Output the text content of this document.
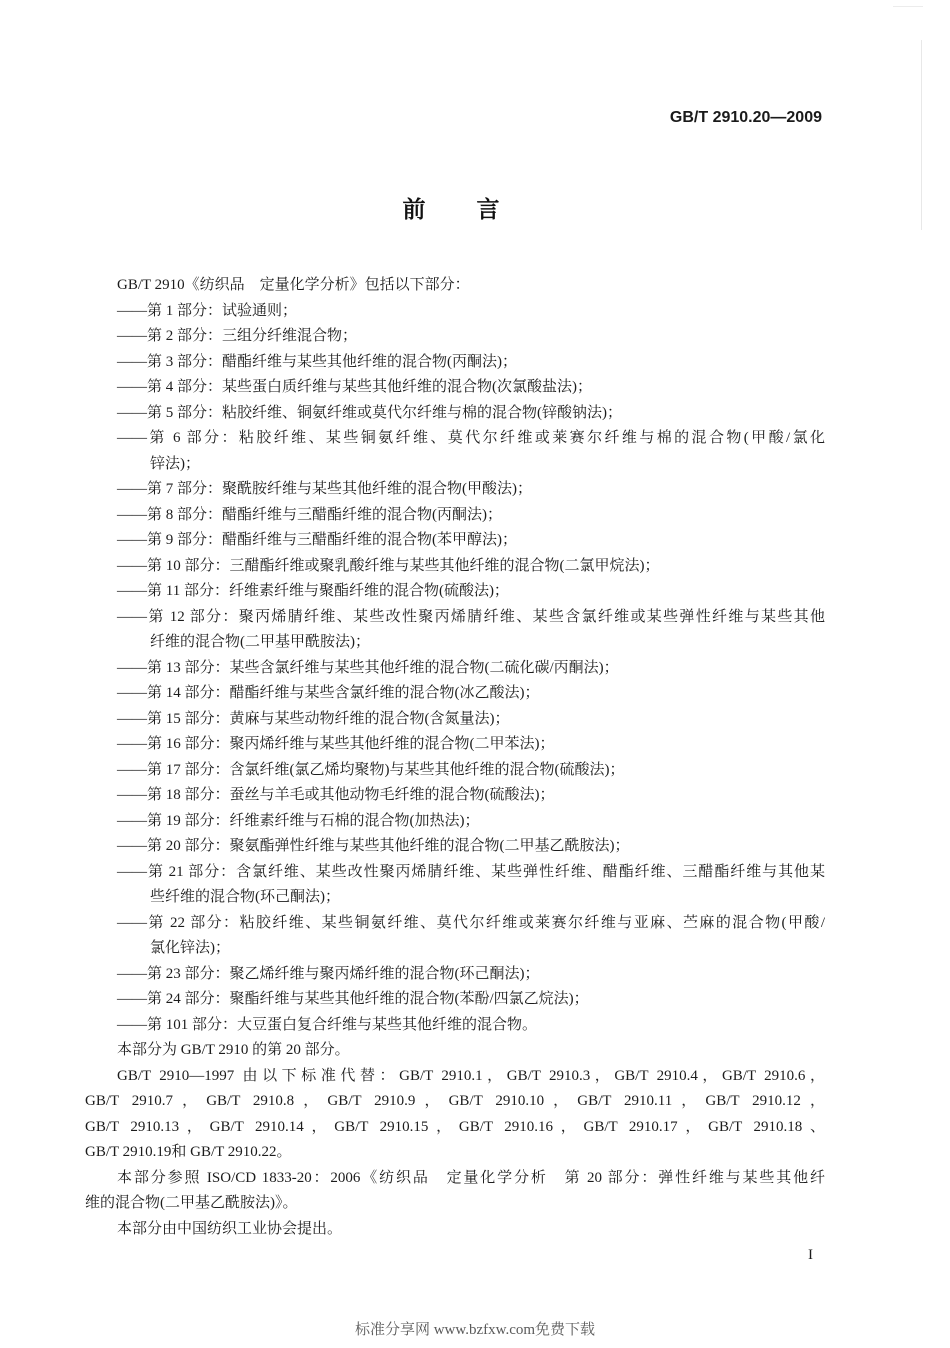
GB/T 2910.20—2009
前　言
GB/T 2910《纺织品　定量化学分析》包括以下部分：
——第 1 部分：试验通则；
——第 2 部分：三组分纤维混合物；
——第 3 部分：醋酯纤维与某些其他纤维的混合物(丙酮法)；
——第 4 部分：某些蛋白质纤维与某些其他纤维的混合物(次氯酸盐法)；
——第 5 部分：粘胶纤维、铜氨纤维或莫代尔纤维与棉的混合物(锌酸钠法)；
——第 6 部分：粘胶纤维、某些铜氨纤维、莫代尔纤维或莱赛尔纤维与棉的混合物(甲酸/氯化
锌法)；
——第 7 部分：聚酰胺纤维与某些其他纤维的混合物(甲酸法)；
——第 8 部分：醋酯纤维与三醋酯纤维的混合物(丙酮法)；
——第 9 部分：醋酯纤维与三醋酯纤维的混合物(苯甲醇法)；
——第 10 部分：三醋酯纤维或聚乳酸纤维与某些其他纤维的混合物(二氯甲烷法)；
——第 11 部分：纤维素纤维与聚酯纤维的混合物(硫酸法)；
——第 12 部分：聚丙烯腈纤维、某些改性聚丙烯腈纤维、某些含氯纤维或某些弹性纤维与某些其他
纤维的混合物(二甲基甲酰胺法)；
——第 13 部分：某些含氯纤维与某些其他纤维的混合物(二硫化碳/丙酮法)；
——第 14 部分：醋酯纤维与某些含氯纤维的混合物(冰乙酸法)；
——第 15 部分：黄麻与某些动物纤维的混合物(含氮量法)；
——第 16 部分：聚丙烯纤维与某些其他纤维的混合物(二甲苯法)；
——第 17 部分：含氯纤维(氯乙烯均聚物)与某些其他纤维的混合物(硫酸法)；
——第 18 部分：蚕丝与羊毛或其他动物毛纤维的混合物(硫酸法)；
——第 19 部分：纤维素纤维与石棉的混合物(加热法)；
——第 20 部分：聚氨酯弹性纤维与某些其他纤维的混合物(二甲基乙酰胺法)；
——第 21 部分：含氯纤维、某些改性聚丙烯腈纤维、某些弹性纤维、醋酯纤维、三醋酯纤维与其他某
些纤维的混合物(环己酮法)；
——第 22 部分：粘胶纤维、某些铜氨纤维、莫代尔纤维或莱赛尔纤维与亚麻、苎麻的混合物(甲酸/
氯化锌法)；
——第 23 部分：聚乙烯纤维与聚丙烯纤维的混合物(环己酮法)；
——第 24 部分：聚酯纤维与某些其他纤维的混合物(苯酚/四氯乙烷法)；
——第 101 部分：大豆蛋白复合纤维与某些其他纤维的混合物。
本部分为 GB/T 2910 的第 20 部分。
GB/T 2910—1997 由以下标准代替：GB/T 2910.1，GB/T 2910.3，GB/T 2910.4，GB/T 2910.6，
GB/T 2910.7，GB/T 2910.8，GB/T 2910.9，GB/T 2910.10，GB/T 2910.11，GB/T 2910.12，
GB/T 2910.13，GB/T 2910.14，GB/T 2910.15，GB/T 2910.16，GB/T 2910.17，GB/T 2910.18、
GB/T 2910.19和 GB/T 2910.22。
本部分参照 ISO/CD 1833-20：2006《纺织品　定量化学分析　第 20 部分：弹性纤维与某些其他纤
维的混合物(二甲基乙酰胺法)》。
本部分由中国纺织工业协会提出。
I
标准分享网 www.bzfxw.com免费下载
